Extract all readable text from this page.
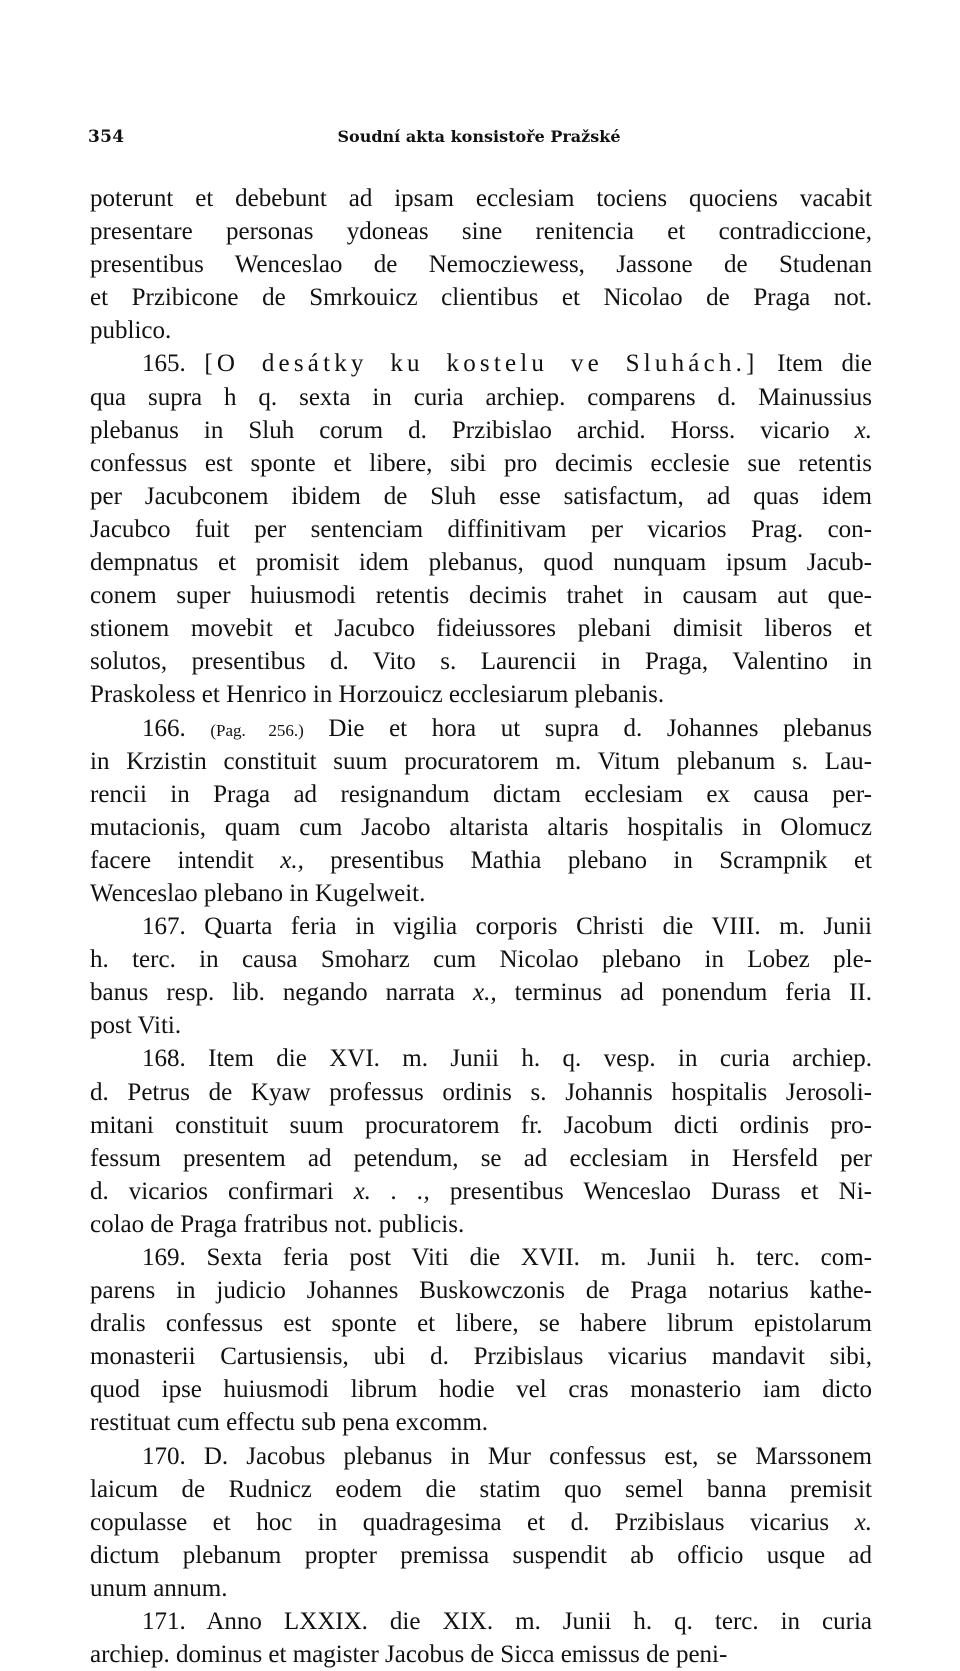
354	Soudní akta konsistoře Pražské
poterunt et debebunt ad ipsam ecclesiam tociens quociens vacabit
presentare personas ydoneas sine renitencia et contradiccione,
presentibus Wenceslao de Nemocziewess, Jassone de Studenan
et Przibicone de Smrkouicz clientibus et Nicolao de Praga not.
publico.
165. [O desátky ku kostelu ve Sluhách.] Item die
qua supra h q. sexta in curia archiep. comparens d. Mainussius
plebanus in Sluh corum d. Przibislao archid. Horss. vicario x.
confessus est sponte et libere, sibi pro decimis ecclesie sue retentis
per Jacubconem ibidem de Sluh esse satisfactum, ad quas idem
Jacubco fuit per sentenciam diffinitivam per vicarios Prag. con-
dempnatus et promisit idem plebanus, quod nunquam ipsum Jacub-
conem super huiusmodi retentis decimis trahet in causam aut que-
stionem movebit et Jacubco fideiussores plebani dimisit liberos et
solutos, presentibus d. Vito s. Laurencii in Praga, Valentino in
Praskoless et Henrico in Horzouicz ecclesiarum plebanis.
166. (Pag. 256.) Die et hora ut supra d. Johannes plebanus
in Krzistin constituit suum procuratorem m. Vitum plebanum s. Lau-
rencii in Praga ad resignandum dictam ecclesiam ex causa per-
mutacionis, quam cum Jacobo altarista altaris hospitalis in Olomucz
facere intendit x., presentibus Mathia plebano in Scrampnik et
Wenceslao plebano in Kugelweit.
167. Quarta feria in vigilia corporis Christi die VIII. m. Junii
h. terc. in causa Smoharz cum Nicolao plebano in Lobez ple-
banus resp. lib. negando narrata x., terminus ad ponendum feria II.
post Viti.
168. Item die XVI. m. Junii h. q. vesp. in curia archiep.
d. Petrus de Kyaw professus ordinis s. Johannis hospitalis Jerosoli-
mitani constituit suum procuratorem fr. Jacobum dicti ordinis pro-
fessum presentem ad petendum, se ad ecclesiam in Hersfeld per
d. vicarios confirmari x. . ., presentibus Wenceslao Durass et Ni-
colao de Praga fratribus not. publicis.
169. Sexta feria post Viti die XVII. m. Junii h. terc. com-
parens in judicio Johannes Buskowczonis de Praga notarius kathe-
dralis confessus est sponte et libere, se habere librum epistolarum
monasterii Cartusiensis, ubi d. Przibislaus vicarius mandavit sibi,
quod ipse huiusmodi librum hodie vel cras monasterio iam dicto
restituat cum effectu sub pena excomm.
170. D. Jacobus plebanus in Mur confessus est, se Marssonem
laicum de Rudnicz eodem die statim quo semel banna premisit
copulasse et hoc in quadragesima et d. Przibislaus vicarius x.
dictum plebanum propter premissa suspendit ab officio usque ad
unum annum.
171. Anno LXXIX. die XIX. m. Junii h. q. terc. in curia
archiep. dominus et magister Jacobus de Sicca emissus de peni-
